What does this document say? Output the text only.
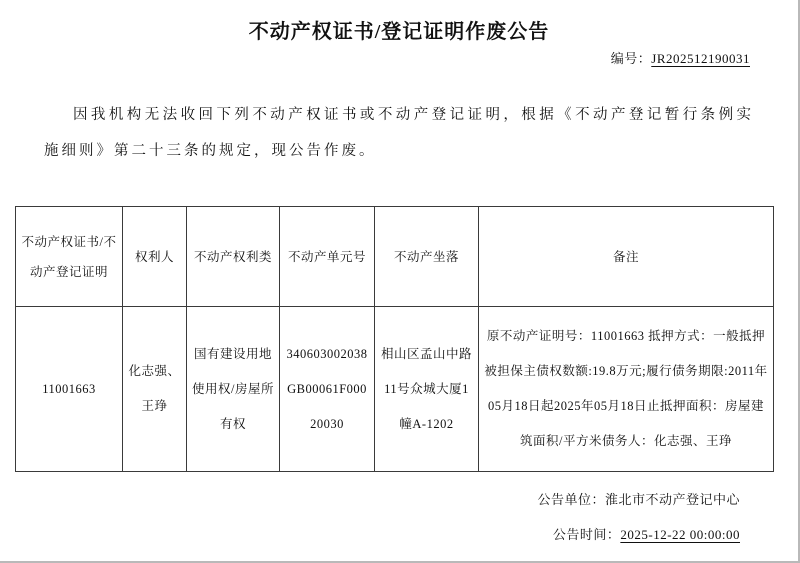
不动产权证书/登记证明作废公告
编号：JR202512190031
因我机构无法收回下列不动产权证书或不动产登记证明，根据《不动产登记暂行条例实施细则》第二十三条的规定，现公告作废。
不动产权证书/不动产登记证明	权利人	不动产权利类	不动产单元号	不动产坐落	备注
11001663	化志强、王琤	国有建设用地使用权/房屋所有权	340603002038GB00061F00020030	相山区孟山中路11号众城大厦1幢A-1202	原不动产证明号：11001663 抵押方式：一般抵押被担保主债权数额:19.8万元;履行债务期限:2011年05月18日起2025年05月18日止抵押面积：房屋建筑面积/平方米债务人：化志强、王琤
公告单位：淮北市不动产登记中心
公告时间：2025-12-22 00:00:00
